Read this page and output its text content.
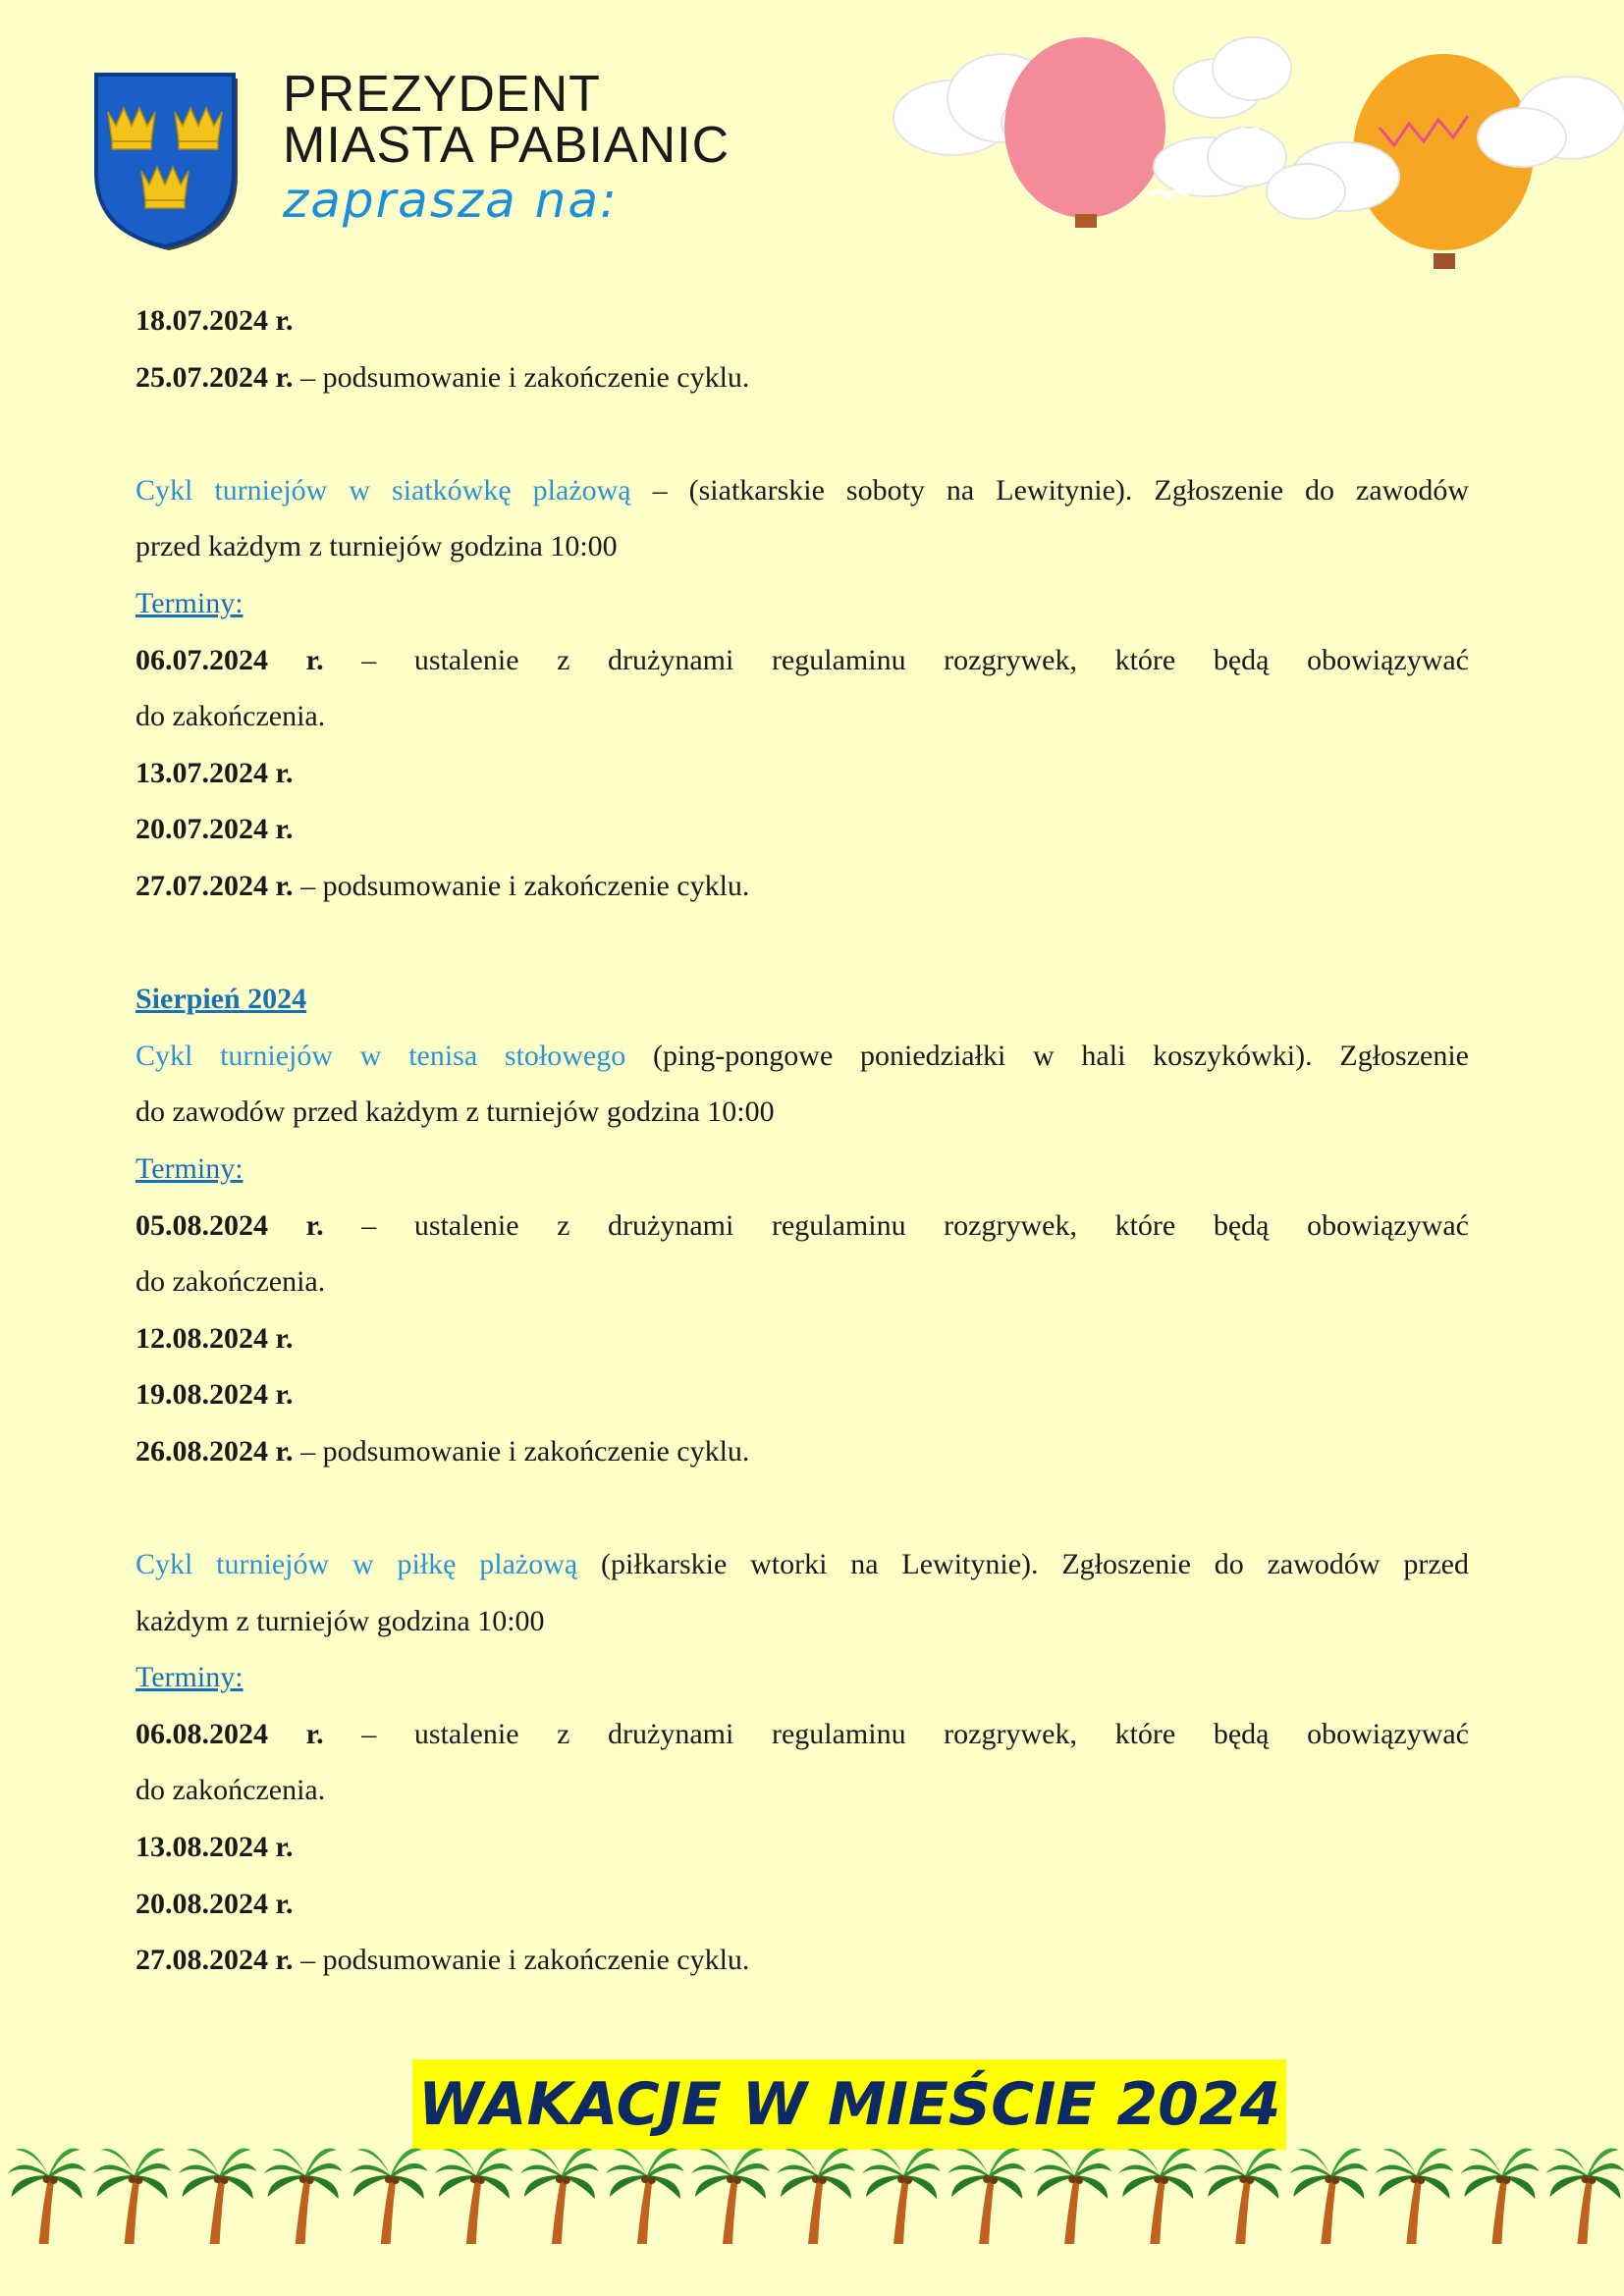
PREZYDENT
MIASTA PABIANIC
zaprasza na:
18.07.2024 r.
25.07.2024 r. – podsumowanie i zakończenie cyklu.
Cykl turniejów w siatkówkę plażową – (siatkarskie soboty na Lewitynie). Zgłoszenie do zawodów
przed każdym z turniejów godzina 10:00
Terminy:
06.07.2024 r. – ustalenie z drużynami regulaminu rozgrywek, które będą obowiązywać
do zakończenia.
13.07.2024 r.
20.07.2024 r.
27.07.2024 r. – podsumowanie i zakończenie cyklu.
Sierpień 2024
Cykl turniejów w tenisa stołowego (ping-pongowe poniedziałki w hali koszykówki). Zgłoszenie
do zawodów przed każdym z turniejów godzina 10:00
Terminy:
05.08.2024 r. – ustalenie z drużynami regulaminu rozgrywek, które będą obowiązywać
do zakończenia.
12.08.2024 r.
19.08.2024 r.
26.08.2024 r. – podsumowanie i zakończenie cyklu.
Cykl turniejów w piłkę plażową (piłkarskie wtorki na Lewitynie). Zgłoszenie do zawodów przed
każdym z turniejów godzina 10:00
Terminy:
06.08.2024 r. – ustalenie z drużynami regulaminu rozgrywek, które będą obowiązywać
do zakończenia.
13.08.2024 r.
20.08.2024 r.
27.08.2024 r. – podsumowanie i zakończenie cyklu.
WAKACJE W MIEŚCIE 2024
